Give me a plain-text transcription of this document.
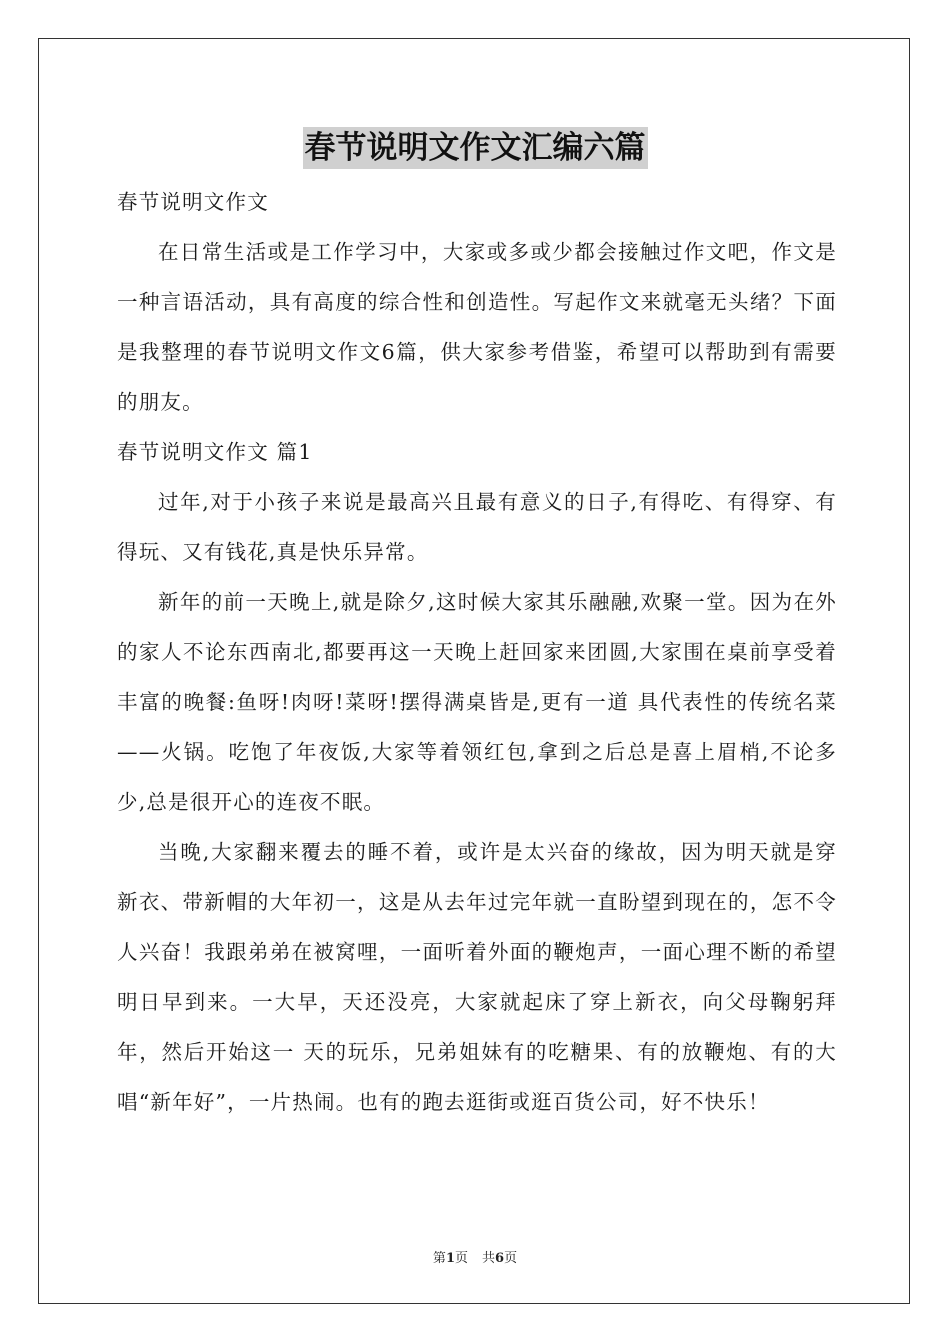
春节说明文作文汇编六篇

春节说明文作文

在日常生活或是工作学习中，大家或多或少都会接触过作文吧，作文是一种言语活动，具有高度的综合性和创造性。写起作文来就毫无头绪？下面是我整理的春节说明文作文6篇，供大家参考借鉴，希望可以帮助到有需要的朋友。

春节说明文作文 篇1

过年,对于小孩子来说是最高兴且最有意义的日子,有得吃、有得穿、有得玩、又有钱花,真是快乐异常。

新年的前一天晚上,就是除夕,这时候大家其乐融融,欢聚一堂。因为在外的家人不论东西南北,都要再这一天晚上赶回家来团圆,大家围在桌前享受着丰富的晚餐:鱼呀!肉呀!菜呀!摆得满桌皆是,更有一道 具代表性的传统名菜——火锅。吃饱了年夜饭,大家等着领红包,拿到之后总是喜上眉梢,不论多少,总是很开心的连夜不眠。

当晚,大家翻来覆去的睡不着，或许是太兴奋的缘故，因为明天就是穿新衣、带新帽的大年初一，这是从去年过完年就一直盼望到现在的，怎不令人兴奋！我跟弟弟在被窝哩，一面听着外面的鞭炮声，一面心理不断的希望明日早到来。一大早，天还没亮，大家就起床了穿上新衣，向父母鞠躬拜年，然后开始这一 天的玩乐，兄弟姐妹有的吃糖果、有的放鞭炮、有的大唱“新年好”，一片热闹。也有的跑去逛街或逛百货公司，好不快乐！

第1页 共6页
